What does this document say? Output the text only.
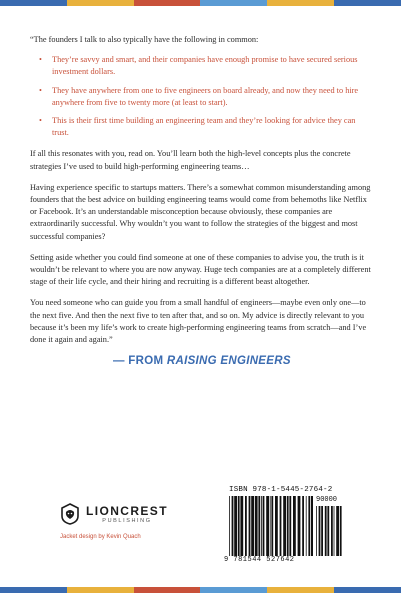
“The founders I talk to also typically have the following in common:

• They’re savvy and smart, and their companies have enough promise to have secured serious investment dollars.
• They have anywhere from one to five engineers on board already, and now they need to hire anywhere from five to twenty more (at least to start).
• This is their first time building an engineering team and they’re looking for advice they can trust.

If all this resonates with you, read on. You’ll learn both the high-level concepts plus the concrete strategies I’ve used to build high-performing engineering teams…

Having experience specific to startups matters. There’s a somewhat common misunderstanding among founders that the best advice on building engineering teams would come from behemoths like Netflix or Facebook. It’s an understandable misconception because obviously, these companies are extraordinarily successful. Why wouldn’t you want to follow the strategies of the biggest and most successful companies?

Setting aside whether you could find someone at one of these companies to advise you, the truth is it wouldn’t be relevant to where you are now anyway. Huge tech companies are at a completely different stage of their life cycle, and their hiring and recruiting is a different beast altogether.

You need someone who can guide you from a small handful of engineers—maybe even only one—to the next five. And then the next five to ten after that, and so on. My advice is directly relevant to you because it’s been my life’s work to create high-performing engineering teams from scratch—and I’ve done it again and again.”

— FROM RAISING ENGINEERS
LIONCREST
PUBLISHING
Jacket design by Kevin Quach
ISBN 978-1-5445-2764-2
90000
9 781544 527642
